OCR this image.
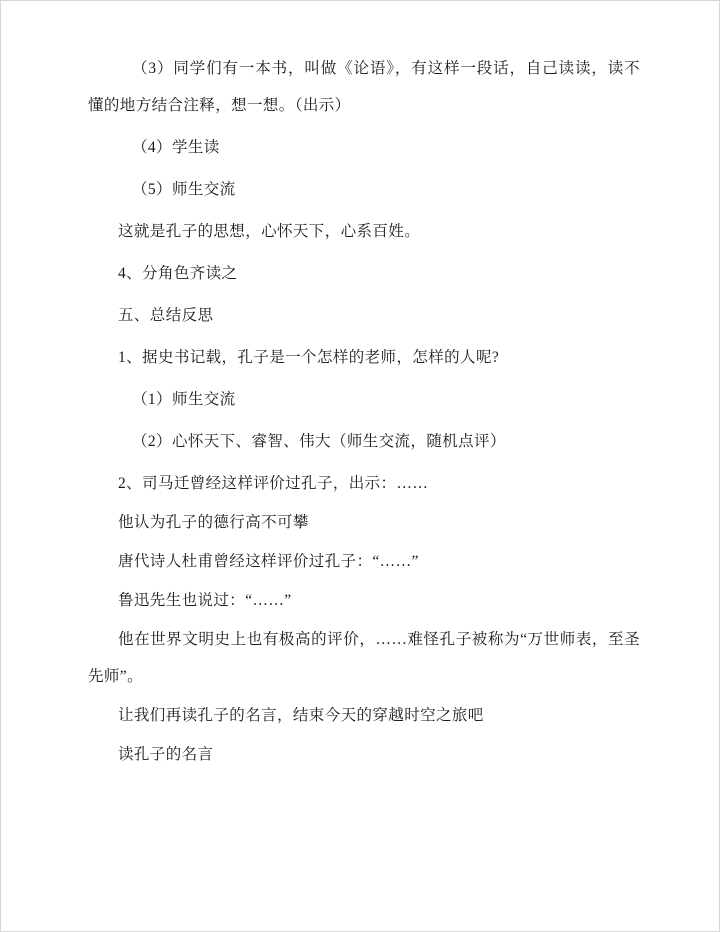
（3）同学们有一本书，叫做《论语》，有这样一段话，自己读读，读不懂的地方结合注释，想一想。（出示）

（4）学生读

（5）师生交流

这就是孔子的思想，心怀天下，心系百姓。

4、分角色齐读之

五、总结反思

1、据史书记载，孔子是一个怎样的老师，怎样的人呢?

（1）师生交流

（2）心怀天下、睿智、伟大（师生交流，随机点评）

2、司马迁曾经这样评价过孔子，出示：……

他认为孔子的德行高不可攀

唐代诗人杜甫曾经这样评价过孔子：“……”

鲁迅先生也说过：“……”

他在世界文明史上也有极高的评价，……难怪孔子被称为“万世师表，至圣先师”。

让我们再读孔子的名言，结束今天的穿越时空之旅吧

读孔子的名言
